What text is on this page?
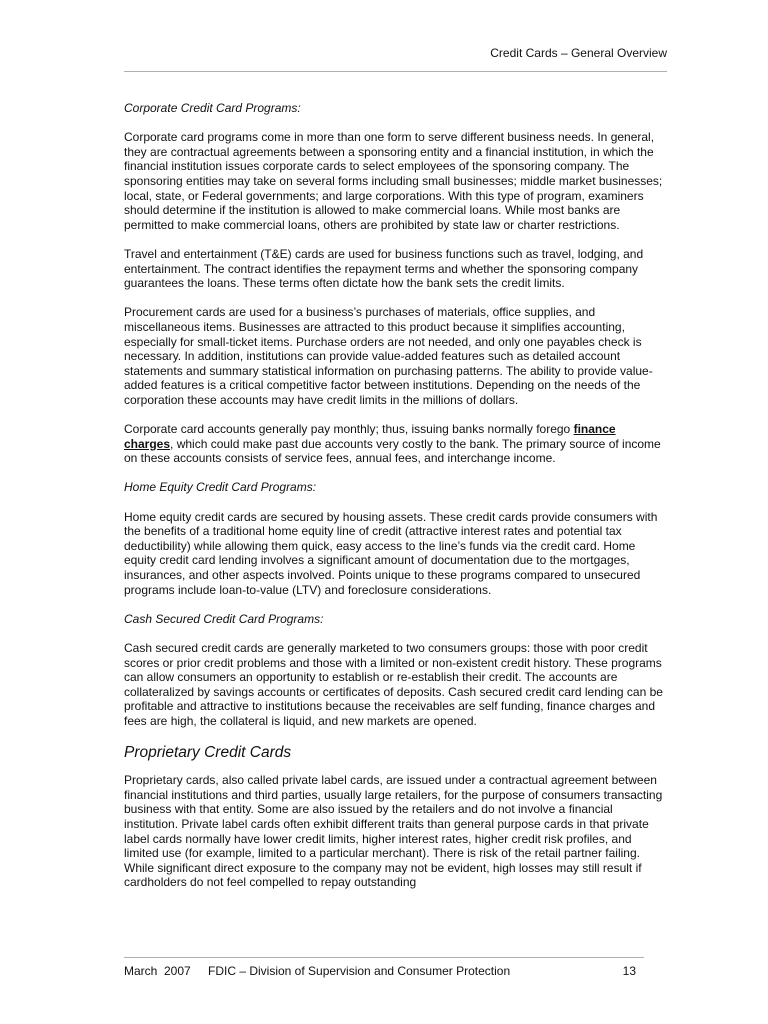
Credit Cards – General Overview

Corporate Credit Card Programs:

Corporate card programs come in more than one form to serve different business needs. In general, they are contractual agreements between a sponsoring entity and a financial institution, in which the financial institution issues corporate cards to select employees of the sponsoring company. The sponsoring entities may take on several forms including small businesses; middle market businesses; local, state, or Federal governments; and large corporations. With this type of program, examiners should determine if the institution is allowed to make commercial loans. While most banks are permitted to make commercial loans, others are prohibited by state law or charter restrictions.

Travel and entertainment (T&E) cards are used for business functions such as travel, lodging, and entertainment. The contract identifies the repayment terms and whether the sponsoring company guarantees the loans. These terms often dictate how the bank sets the credit limits.

Procurement cards are used for a business’s purchases of materials, office supplies, and miscellaneous items. Businesses are attracted to this product because it simplifies accounting, especially for small-ticket items. Purchase orders are not needed, and only one payables check is necessary. In addition, institutions can provide value-added features such as detailed account statements and summary statistical information on purchasing patterns. The ability to provide value-added features is a critical competitive factor between institutions. Depending on the needs of the corporation these accounts may have credit limits in the millions of dollars.

Corporate card accounts generally pay monthly; thus, issuing banks normally forego finance charges, which could make past due accounts very costly to the bank. The primary source of income on these accounts consists of service fees, annual fees, and interchange income.

Home Equity Credit Card Programs:

Home equity credit cards are secured by housing assets. These credit cards provide consumers with the benefits of a traditional home equity line of credit (attractive interest rates and potential tax deductibility) while allowing them quick, easy access to the line’s funds via the credit card. Home equity credit card lending involves a significant amount of documentation due to the mortgages, insurances, and other aspects involved. Points unique to these programs compared to unsecured programs include loan-to-value (LTV) and foreclosure considerations.

Cash Secured Credit Card Programs:

Cash secured credit cards are generally marketed to two consumers groups: those with poor credit scores or prior credit problems and those with a limited or non-existent credit history. These programs can allow consumers an opportunity to establish or re-establish their credit. The accounts are collateralized by savings accounts or certificates of deposits. Cash secured credit card lending can be profitable and attractive to institutions because the receivables are self funding, finance charges and fees are high, the collateral is liquid, and new markets are opened.

Proprietary Credit Cards

Proprietary cards, also called private label cards, are issued under a contractual agreement between financial institutions and third parties, usually large retailers, for the purpose of consumers transacting business with that entity. Some are also issued by the retailers and do not involve a financial institution. Private label cards often exhibit different traits than general purpose cards in that private label cards normally have lower credit limits, higher interest rates, higher credit risk profiles, and limited use (for example, limited to a particular merchant). There is risk of the retail partner failing. While significant direct exposure to the company may not be evident, high losses may still result if cardholders do not feel compelled to repay outstanding

March  2007 FDIC – Division of Supervision and Consumer Protection	13
